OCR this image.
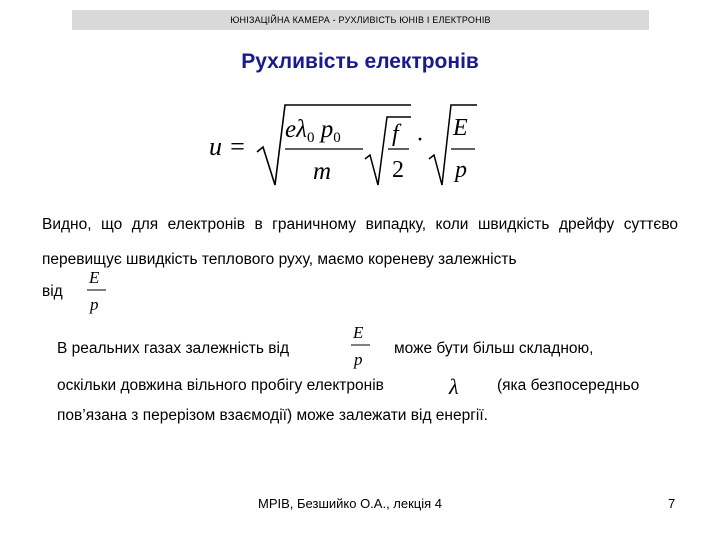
ЮНІЗАЦІЙНА КАМЕРА - РУХЛИВІСТЬ ЮНІВ І ЕЛЕКТРОНІВ
Рухливість електронів
u =
$e\lambda_0$ $p_0$
m
f
2
· E
p
Видно, що для електронів в граничному випадку, коли швидкість дрейфу суттєво перевищує швидкість теплового руху, маємо кореневу залежність
від
E
p
В реальних газах залежність від
E
p
може бути більш складною,
оскільки довжина вільного пробігу електронів	λ (яка безпосередньо
пов’язана з перерізом взаємодії) може залежати від енергії.
МРІВ, Безшийко О.А., лекція 4	7
